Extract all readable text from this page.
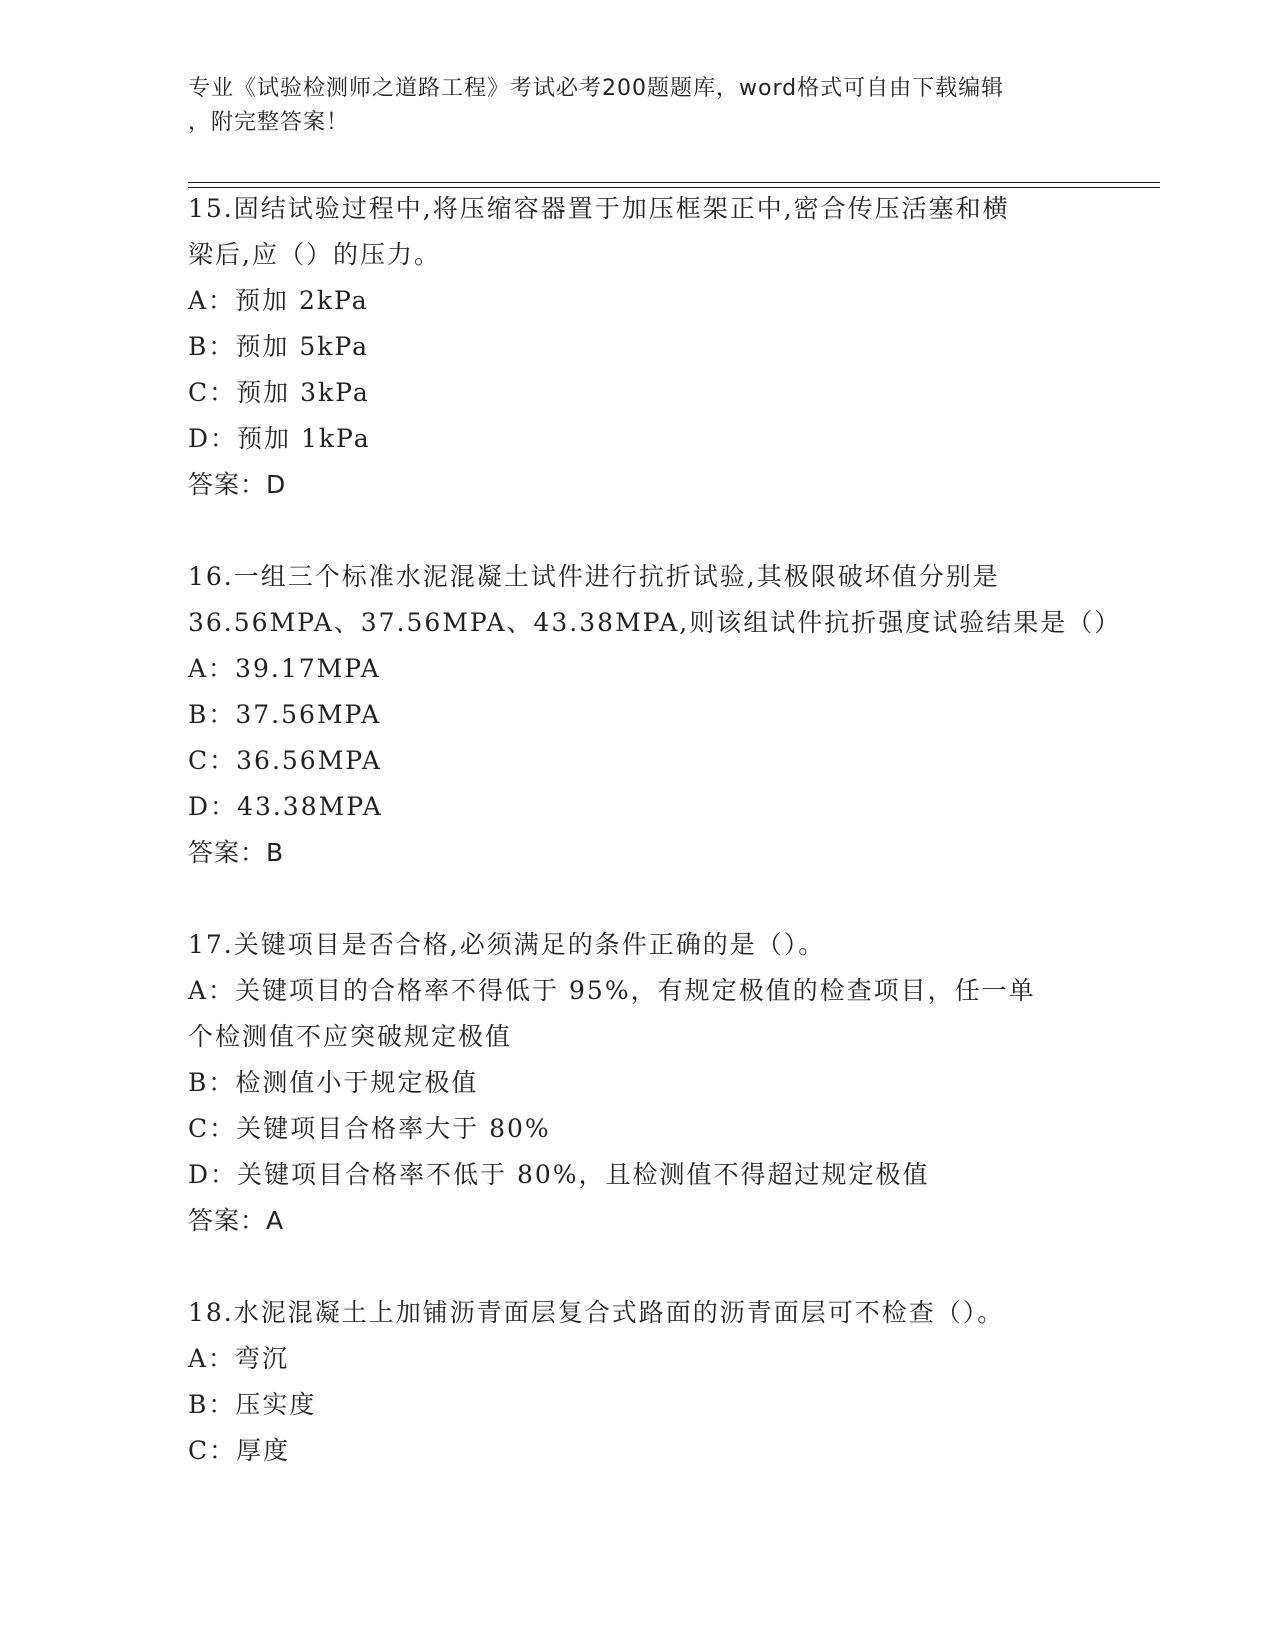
专业《试验检测师之道路工程》考试必考200题题库，word格式可自由下载编辑
，附完整答案！
15.固结试验过程中,将压缩容器置于加压框架正中,密合传压活塞和横
梁后,应（）的压力。
A：预加 2kPa
B：预加 5kPa
C：预加 3kPa
D：预加 1kPa
答案：D
16.一组三个标准水泥混凝土试件进行抗折试验,其极限破坏值分别是
36.56MPA、37.56MPA、43.38MPA,则该组试件抗折强度试验结果是（）
A：39.17MPA
B：37.56MPA
C：36.56MPA
D：43.38MPA
答案：B
17.关键项目是否合格,必须满足的条件正确的是（）。
A：关键项目的合格率不得低于 95%，有规定极值的检查项目，任一单
个检测值不应突破规定极值
B：检测值小于规定极值
C：关键项目合格率大于 80%
D：关键项目合格率不低于 80%，且检测值不得超过规定极值
答案：A
18.水泥混凝土上加铺沥青面层复合式路面的沥青面层可不检查（）。
A：弯沉
B：压实度
C：厚度
